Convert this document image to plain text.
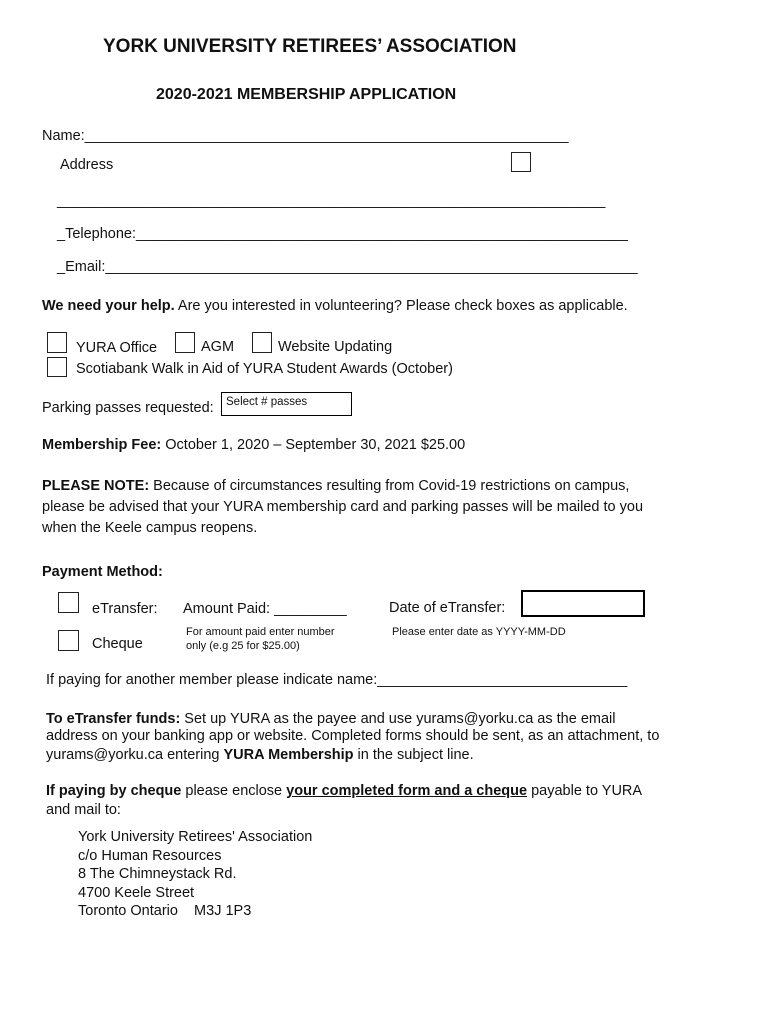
YORK UNIVERSITY RETIREES’ ASSOCIATION
2020-2021 MEMBERSHIP APPLICATION
Name:____________________________________________________________
Address
____________________________________________________________________
_Telephone:_____________________________________________________________
_Email:__________________________________________________________________
We need your help. Are you interested in volunteering? Please check boxes as applicable.
YURA Office	AGM	Website Updating
Scotiabank Walk in Aid of YURA Student Awards (October)
Parking passes requested:	Select # passes
Membership Fee: October 1, 2020 – September 30, 2021 $25.00
PLEASE NOTE: Because of circumstances resulting from Covid-19 restrictions on campus,
please be advised that your YURA membership card and parking passes will be mailed to you
when the Keele campus reopens.
Payment Method:
eTransfer: Amount Paid: _________	Date of eTransfer:
Cheque
For amount paid enter number
only (e.g 25 for $25.00)
Please enter date as YYYY-MM-DD
If paying for another member please indicate name:_______________________________
To eTransfer funds: Set up YURA as the payee and use yurams@yorku.ca as the email
address on your banking app or website. Completed forms should be sent, as an attachment, to
yurams@yorku.ca entering YURA Membership in the subject line.
If paying by cheque please enclose your completed form and a cheque payable to YURA
and mail to:
York University Retirees' Association
c/o Human Resources
8 The Chimneystack Rd.
4700 Keele Street
Toronto Ontario    M3J 1P3
